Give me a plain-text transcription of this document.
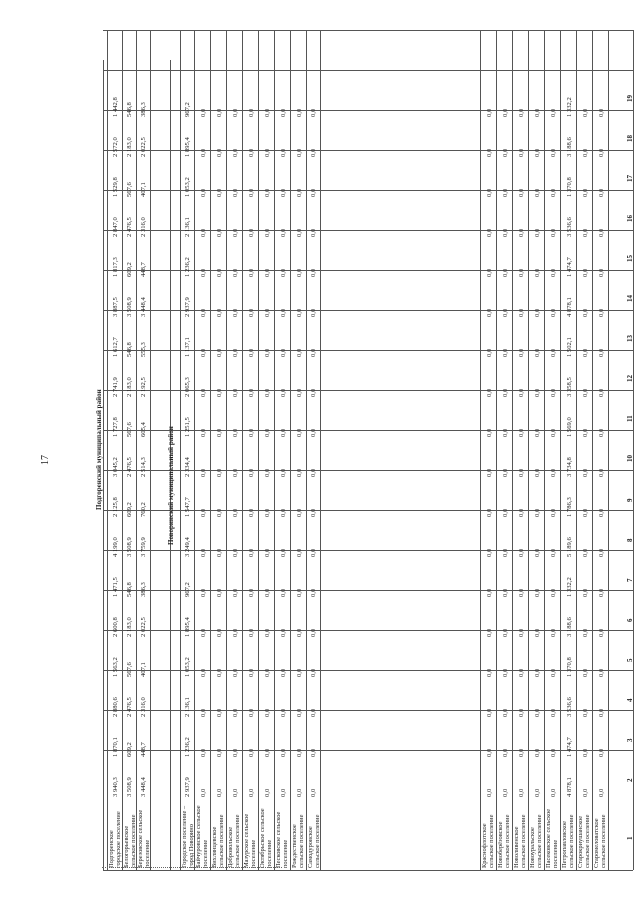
1
2
3
4
5
6
7
8
9
10
11
12
13
14
15
16
17
18
19
Подгоренское городское поселение
3 940,3
1 870,1
2 880,6
1 563,2
2 600,8
1 471,5
4 199,0
2 125,8
3 045,2
1 727,8
2 741,9
1 612,7
3 887,5
1 817,3
2 847,0
1 529,8
2 572,0
1 442,8
Белогорьевское сельское поселение
3 508,9
609,2
2 476,5
567,6
2 183,0
546,8
3 508,9
609,2
2 476,5
567,6
2 183,0
546,8
3 508,9
609,2
2 476,5
567,6
2 183,0
546,8
Березовское сельское поселение
3 448,4
448,7
2 316,0
407,1
2 022,5
386,3
3 759,9
760,2
2 514,3
605,4
2 192,5
555,3
3 448,4
448,7
2 316,0
407,1
2 022,5
386,3
Городское поселение – город Поворино
2 937,9
1 236,2
2 136,1
1 053,2
1 895,4
967,2
3 249,4
1 547,7
2 334,4
1 251,5
2 065,3
1 137,1
2 937,9
1 236,2
2 136,1
1 053,2
1 895,4
967,2
Байчуровское сельское поселение
0,0
0,0
0,0
0,0
0,0
0,0
0,0
0,0
0,0
0,0
0,0
0,0
0,0
0,0
0,0
0,0
0,0
0,0
Вихлянцевское сельское поселение
0,0
0,0
0,0
0,0
0,0
0,0
0,0
0,0
0,0
0,0
0,0
0,0
0,0
0,0
0,0
0,0
0,0
0,0
Добровольское сельское поселение
0,0
0,0
0,0
0,0
0,0
0,0
0,0
0,0
0,0
0,0
0,0
0,0
0,0
0,0
0,0
0,0
0,0
0,0
Мазурское сельское поселение
0,0
0,0
0,0
0,0
0,0
0,0
0,0
0,0
0,0
0,0
0,0
0,0
0,0
0,0
0,0
0,0
0,0
0,0
Октябрьское сельское поселение
0,0
0,0
0,0
0,0
0,0
0,0
0,0
0,0
0,0
0,0
0,0
0,0
0,0
0,0
0,0
0,0
0,0
0,0
Песковское сельское поселение
0,0
0,0
0,0
0,0
0,0
0,0
0,0
0,0
0,0
0,0
0,0
0,0
0,0
0,0
0,0
0,0
0,0
0,0
Рождественское сельское поселение
0,0
0,0
0,0
0,0
0,0
0,0
0,0
0,0
0,0
0,0
0,0
0,0
0,0
0,0
0,0
0,0
0,0
0,0
Самодуровское сельское поселение
0,0
0,0
0,0
0,0
0,0
0,0
0,0
0,0
0,0
0,0
0,0
0,0
0,0
0,0
0,0
0,0
0,0
0,0
Краснофлотское сельское поселение
0,0
0,0
0,0
0,0
0,0
0,0
0,0
0,0
0,0
0,0
0,0
0,0
0,0
0,0
0,0
0,0
0,0
0,0
Новоберёзовское сельское поселение
0,0
0,0
0,0
0,0
0,0
0,0
0,0
0,0
0,0
0,0
0,0
0,0
0,0
0,0
0,0
0,0
0,0
0,0
Новоливенское сельское поселение
0,0
0,0
0,0
0,0
0,0
0,0
0,0
0,0
0,0
0,0
0,0
0,0
0,0
0,0
0,0
0,0
0,0
0,0
Новоуральское сельское поселение
0,0
0,0
0,0
0,0
0,0
0,0
0,0
0,0
0,0
0,0
0,0
0,0
0,0
0,0
0,0
0,0
0,0
0,0
Пасековское сельское поселение
0,0
0,0
0,0
0,0
0,0
0,0
0,0
0,0
0,0
0,0
0,0
0,0
0,0
0,0
0,0
0,0
0,0
0,0
Петропавловское сельское поселение
4 878,1
1 474,7
3 536,6
1 370,8
3 188,6
1 332,2
5 189,6
1 786,3
3 734,8
1 569,0
3 358,5
1 502,1
4 878,1
1 474,7
3 536,6
1 370,8
3 188,6
1 332,2
Старокриушанское сельское поселение
0,0
0,0
0,0
0,0
0,0
0,0
0,0
0,0
0,0
0,0
0,0
0,0
0,0
0,0
0,0
0,0
0,0
0,0
Старомеловатское сельское поселение
0,0
0,0
0,0
0,0
0,0
0,0
0,0
0,0
0,0
0,0
0,0
0,0
0,0
0,0
0,0
0,0
0,0
0,0
Поворинский муниципальный район
Подгоренский муниципальный район
17
